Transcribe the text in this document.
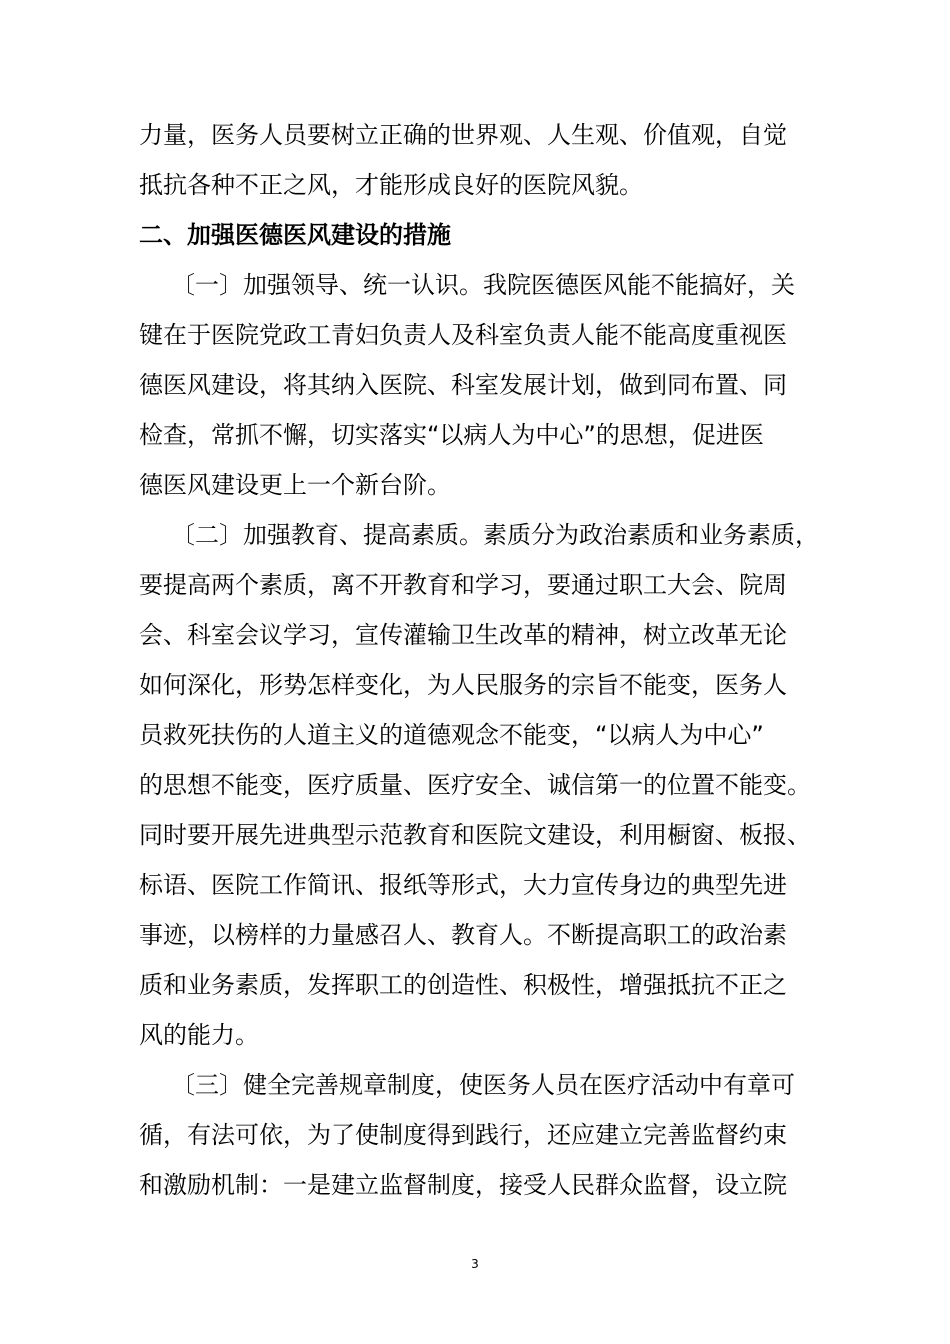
力量，医务人员要树立正确的世界观、人生观、价值观，自觉
抵抗各种不正之风，才能形成良好的医院风貌。
二、加强医德医风建设的措施
〔一〕加强领导、统一认识。我院医德医风能不能搞好，关
键在于医院党政工青妇负责人及科室负责人能不能高度重视医
德医风建设，将其纳入医院、科室发展计划，做到同布置、同
检查，常抓不懈，切实落实“以病人为中心”的思想，促进医
德医风建设更上一个新台阶。
〔二〕加强教育、提高素质。素质分为政治素质和业务素质，
要提高两个素质，离不开教育和学习，要通过职工大会、院周
会、科室会议学习，宣传灌输卫生改革的精神，树立改革无论
如何深化，形势怎样变化，为人民服务的宗旨不能变，医务人
员救死扶伤的人道主义的道德观念不能变，“以病人为中心”
的思想不能变，医疗质量、医疗安全、诚信第一的位置不能变。
同时要开展先进典型示范教育和医院文建设，利用橱窗、板报、
标语、医院工作简讯、报纸等形式，大力宣传身边的典型先进
事迹，以榜样的力量感召人、教育人。不断提高职工的政治素
质和业务素质，发挥职工的创造性、积极性，增强抵抗不正之
风的能力。
〔三〕健全完善规章制度，使医务人员在医疗活动中有章可
循，有法可依，为了使制度得到践行，还应建立完善监督约束
和激励机制：一是建立监督制度，接受人民群众监督，设立院
3
